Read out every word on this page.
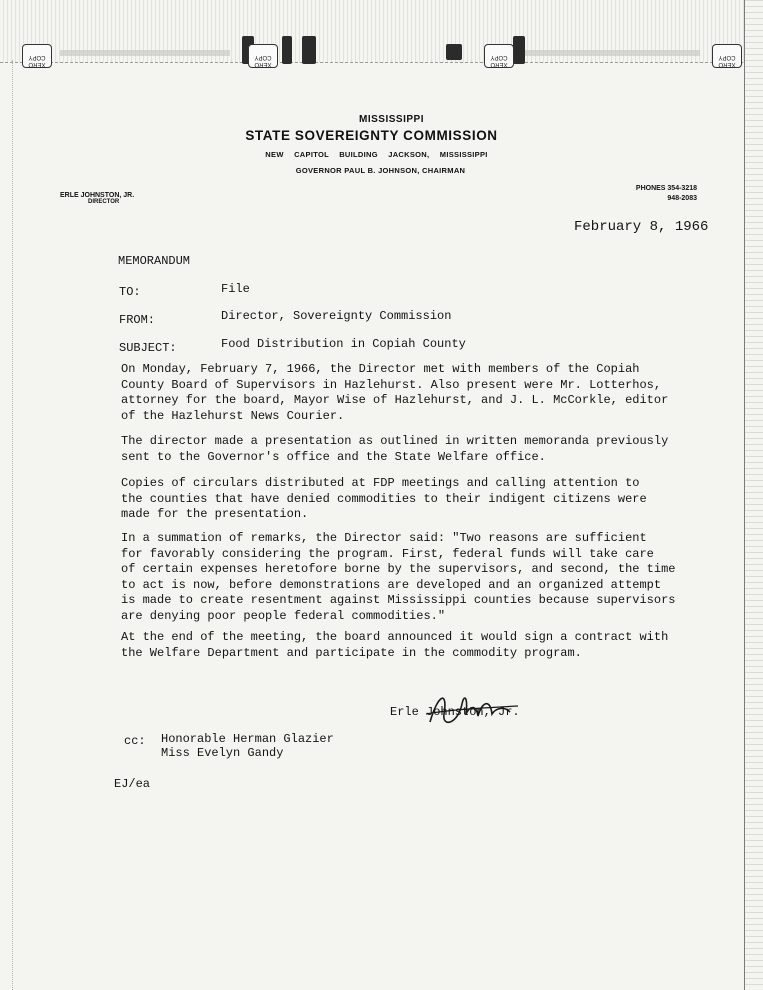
XERO
COPY
XERO
COPY
XERO
COPY
XERO
COPY
MISSISSIPPI
STATE SOVEREIGNTY COMMISSION
NEW CAPITOL BUILDING JACKSON, MISSISSIPPI
GOVERNOR PAUL B. JOHNSON, CHAIRMAN
ERLE JOHNSTON, JR.
DIRECTOR
PHONES 354-3218
948-2083
February 8, 1966
MEMORANDUM
TO:	File
FROM:	Director, Sovereignty Commission
SUBJECT:	Food Distribution in Copiah County
On Monday, February 7, 1966, the Director met with members of the Copiah
County Board of Supervisors in Hazlehurst. Also present were Mr. Lotterhos,
attorney for the board, Mayor Wise of Hazlehurst, and J. L. McCorkle, editor
of the Hazlehurst News Courier.
The director made a presentation as outlined in written memoranda previously
sent to the Governor's office and the State Welfare office.
Copies of circulars distributed at FDP meetings and calling attention to
the counties that have denied commodities to their indigent citizens were
made for the presentation.
In a summation of remarks, the Director said: "Two reasons are sufficient
for favorably considering the program. First, federal funds will take care
of certain expenses heretofore borne by the supervisors, and second, the time
to act is now, before demonstrations are developed and an organized attempt
is made to create resentment against Mississippi counties because supervisors
are denying poor people federal commodities."
At the end of the meeting, the board announced it would sign a contract with
the Welfare Department and participate in the commodity program.
Erle Johnston, Jr.
cc: Honorable Herman Glazier
Miss Evelyn Gandy
EJ/ea
